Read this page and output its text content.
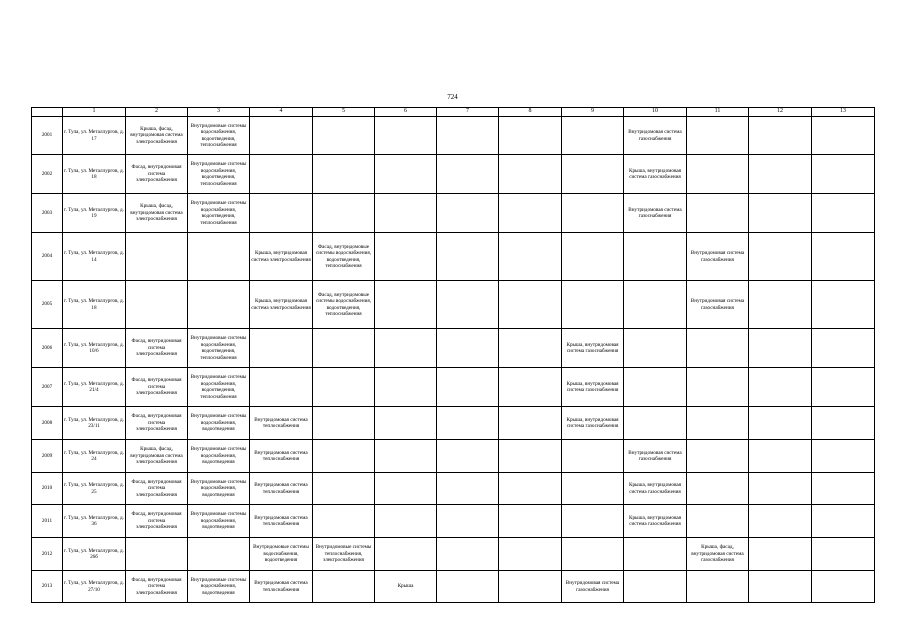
724
	1	2	3	4	5	6	7	8	9	10	11	12	13
2001	г. Тула, ул. Металлургов, д. 17	Крыша, фасад, внутридомовая система электроснабжения	Внутридомовые системы водоснабжения, водоотведения, теплоснабжения							Внутридомовая система газоснабжения			
2002	г. Тула, ул. Металлургов, д. 18	Фасад, внутридомовая система электроснабжения	Внутридомовые системы водоснабжения, водоотведения, теплоснабжения							Крыша, внутридомовая система газоснабжения			
2003	г. Тула, ул. Металлургов, д. 19	Крыша, фасад, внутридомовая система электроснабжения	Внутридомовые системы водоснабжения, водоотведения, теплоснабжения							Внутридомовая система газоснабжения			
2004	г. Тула, ул. Металлургов, д. 14			Крыша, внутридомовая система электроснабжения	Фасад, внутридомовые системы водоснабжения, водоотведения, теплоснабжения						Внутридомовая система газоснабжения		
2005	г. Тула, ул. Металлургов, д. 18			Крыша, внутридомовая система электроснабжения	Фасад, внутридомовые системы водоснабжения, водоотведения, теплоснабжения						Внутридомовая система газоснабжения		
2006	г. Тула, ул. Металлургов, д. 10/6	Фасад, внутридомовая система электроснабжения	Внутридомовые системы водоснабжения, водоотведения, теплоснабжения						Крыша, внутридомовая система газоснабжения				
2007	г. Тула, ул. Металлургов, д. 21/4	Фасад, внутридомовая система электроснабжения	Внутридомовые системы водоснабжения, водоотведения, теплоснабжения						Крыша, внутридомовая система газоснабжения				
2008	г. Тула, ул. Металлургов, д. 23/11	Фасад, внутридомовая система электроснабжения	Внутридомовые системы водоснабжения, водоотведения	Внутридомовая система теплоснабжения					Крыша, внутридомовая система газоснабжения				
2009	г. Тула, ул. Металлургов, д. 24	Крыша, фасад, внутридомовая система электроснабжения	Внутридомовые системы водоснабжения, водоотведения	Внутридомовая система теплоснабжения						Внутридомовая система газоснабжения			
2010	г. Тула, ул. Металлургов, д. 25	Фасад, внутридомовая система электроснабжения	Внутридомовые системы водоснабжения, водоотведения	Внутридомовая система теплоснабжения						Крыша, внутридомовая система газоснабжения			
2011	г. Тула, ул. Металлургов, д. 36	Фасад, внутридомовая система электроснабжения	Внутридомовые системы водоснабжения, водоотведения	Внутридомовая система теплоснабжения						Крыша, внутридомовая система газоснабжения			
2012	г. Тула, ул. Металлургов, д. 26б			Внутридомовые системы водоснабжения, водоотведения	Внутридомовые системы теплоснабжения, электроснабжения						Крыша, фасад, внутридомовая система газоснабжения		
2013	г. Тула, ул. Металлургов, д. 27/10	Фасад, внутридомовая система электроснабжения	Внутридомовые системы водоснабжения, водоотведения	Внутридомовая система теплоснабжения		Крыша			Внутридомовая система газоснабжения				
